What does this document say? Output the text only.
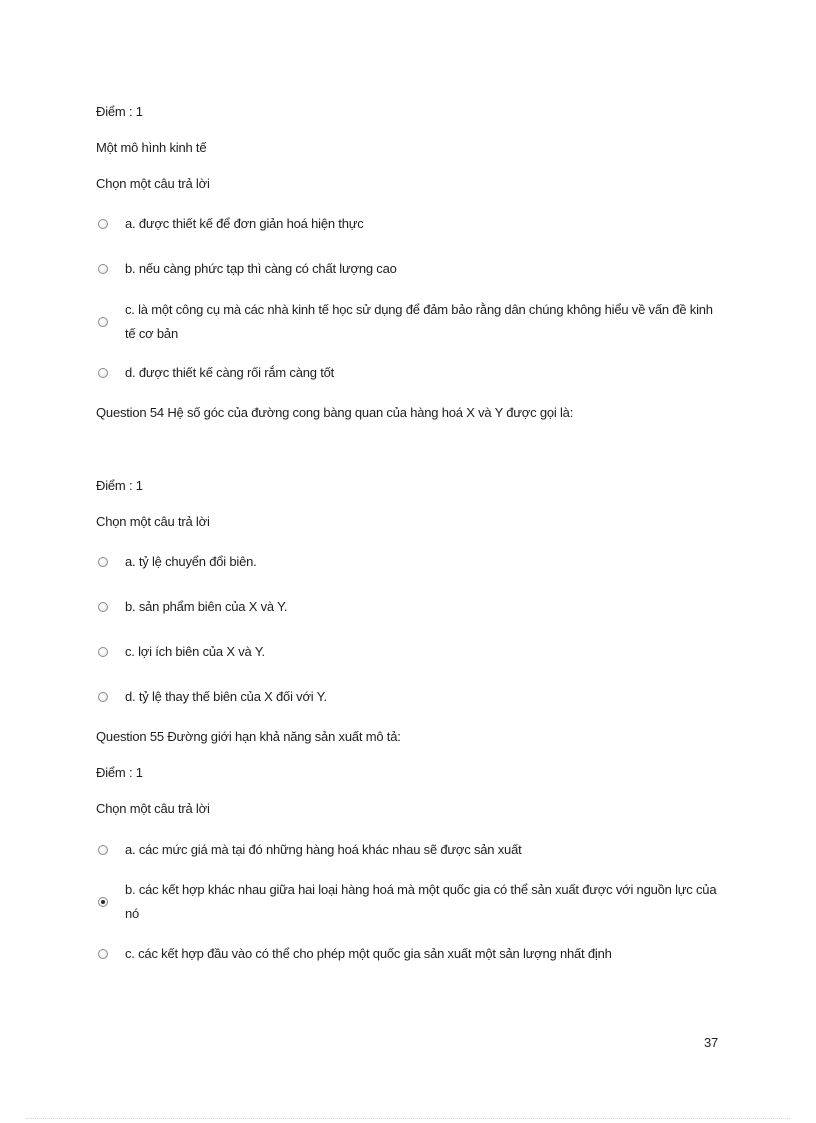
Điểm : 1
Một mô hình kinh tế
Chọn một câu trả lời
a. được thiết kế để đơn giản hoá hiện thực
b. nếu càng phức tạp thì càng có chất lượng cao
c. là một công cụ mà các nhà kinh tế học sử dụng để đảm bảo rằng dân chúng không hiểu về vấn đề kinh tế cơ bản
d. được thiết kế càng rối rắm càng tốt
Question 54 Hệ số góc của đường cong bàng quan của hàng hoá X và Y được gọi là:
Điểm : 1
Chọn một câu trả lời
a. tỷ lệ chuyển đổi biên.
b. sản phẩm biên của X và Y.
c. lợi ích biên của X và Y.
d. tỷ lệ thay thế biên của X đối với Y.
Question 55 Đường giới hạn khả năng sản xuất mô tả:
Điểm : 1
Chọn một câu trả lời
a. các mức giá mà tại đó những hàng hoá khác nhau sẽ được sản xuất
b. các kết hợp khác nhau giữa hai loại hàng hoá mà một quốc gia có thể sản xuất được với nguồn lực của nó
c. các kết hợp đầu vào có thể cho phép một quốc gia sản xuất một sản lượng nhất định
37
